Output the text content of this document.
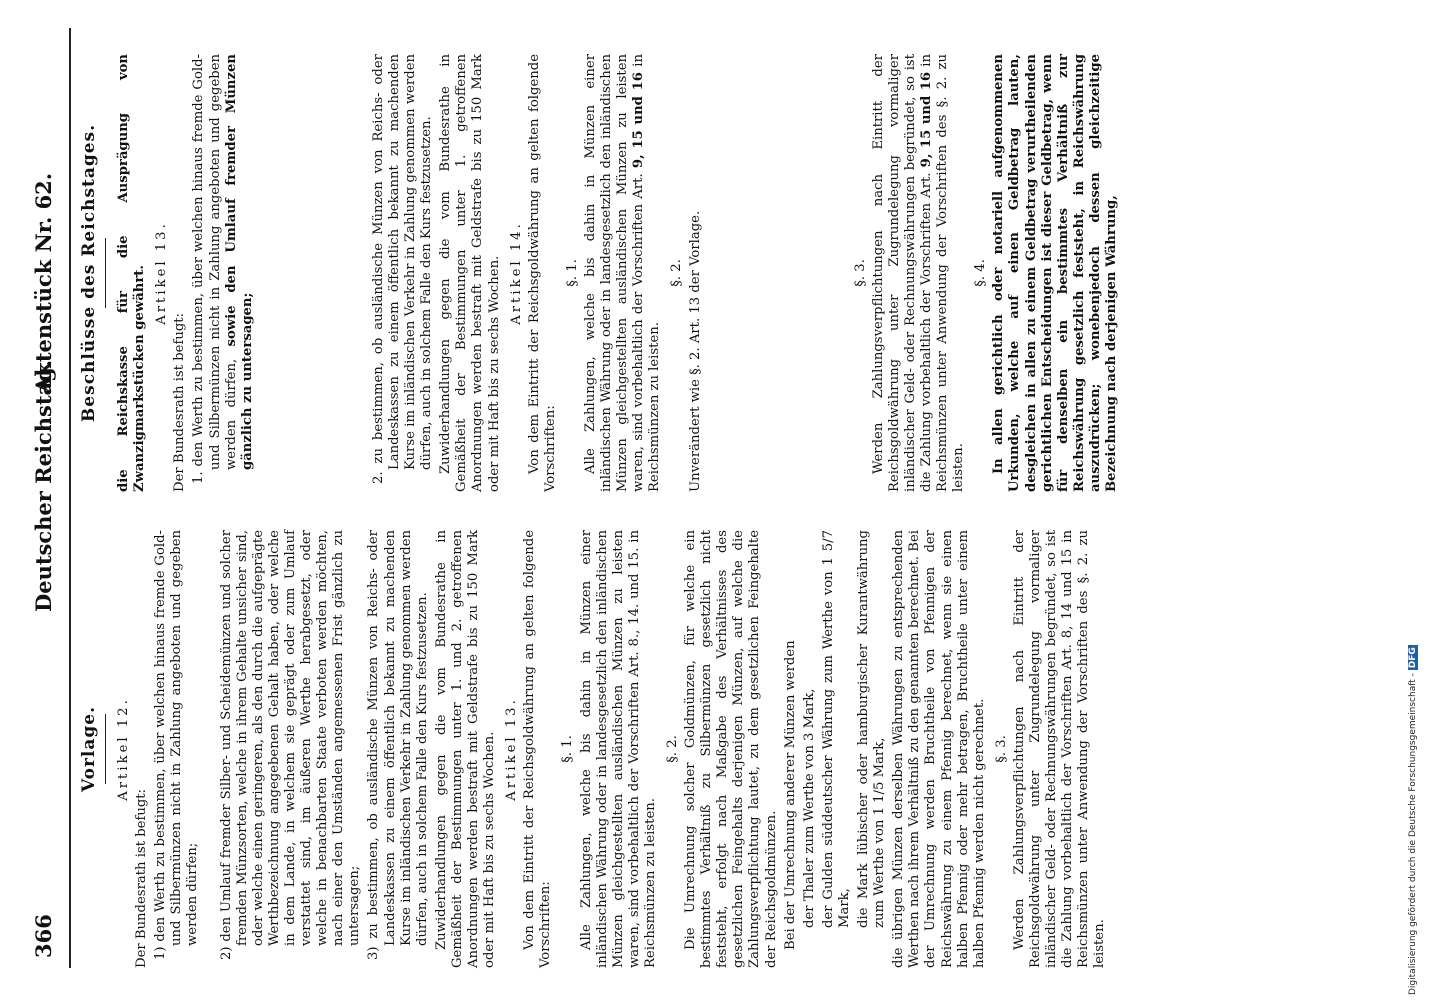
366
Deutscher Reichstag.
Aktenstück Nr. 62.
Vorlage. Artikel 12.

Der Bundesrath ist befugt: 1) den Werth zu bestimmen, über welchen hinaus fremde Gold- und Silbermünzen nicht in Zahlung angeboten und gegeben werden dürfen; 2) den Umlauf fremder Silber- und Scheidemünzen und solcher fremden Münzsorten, welche in ihrem Gehalte unsicher sind, oder welche einen geringeren, als den durch die aufgeprägte Werthbezeichnung angegebenen Gehalt haben, oder welche in dem Lande, in welchem sie geprägt oder zum Umlauf verstattet sind, im äußeren Werthe herabgesetzt, oder welche in benachbarten Staate verboten werden möchten, nach einer den Umständen angemessenen Frist gänzlich zu untersagen; 3) zu bestimmen, ob ausländische Münzen von Reichs- oder Landeskassen zu einem öffentlich bekannt zu machenden Kurse im inländischen Verkehr in Zahlung genommen werden dürfen, auch in solchem Falle den Kurs festzusetzen. Zuwiderhandlungen gegen die vom Bundesrathe in Gemäßheit der Bestimmungen unter 1. und 2. getroffenen Anordnungen werden bestraft mit Geldstrafe bis zu 150 Mark oder mit Haft bis zu sechs Wochen. Artikel 13. Von dem Eintritt der Reichsgoldwährung an gelten folgende Vorschriften:

§. 1. Alle Zahlungen, welche bis dahin in Münzen einer inländischen Währung oder in landesgesetzlich den inländischen Münzen gleichgestellten ausländischen Münzen zu leisten waren, sind vorbehaltlich der Vorschriften Art. 8., 14. und 15. in Reichsmünzen zu leisten.

§. 2. Die Umrechnung solcher Goldmünzen, für welche ein bestimmtes Verhältniß zu Silbermünzen gesetzlich nicht feststeht, erfolgt nach Maßgabe des Verhältnisses des gesetzlichen Feingehalts derjenigen Münzen, auf welche die Zahlungsverpflichtung lautet, zu dem gesetzlichen Feingehalte der Reichsgoldmünzen. Bei der Umrechnung anderer Münzen werden der Thaler zum Werthe von 3 Mark, der Gulden süddeutscher Währung zum Werthe von 1 5/7 Mark, die Mark lübischer oder hamburgischer Kurantwährung zum Werthe von 1 1/5 Mark, die übrigen Münzen derselben Währungen zu entsprechenden Werthen nach ihrem Verhältniß zu den genannten berechnet. Bei der Umrechnung werden Bruchtheile von Pfennigen der Reichswährung zu einem Pfennig berechnet, wenn sie einen halben Pfennig oder mehr betragen, Bruchtheile unter einem halben Pfennig werden nicht gerechnet. §. 3. Werden Zahlungsverpflichtungen nach Eintritt der Reichsgoldwährung unter Zugrundelegung vormaliger inländischer Geld- oder Rechnungswährungen begründet, so ist die Zahlung vorbehaltlich der Vorschriften Art. 8, 14 und 15 in Reichsmünzen unter Anwendung der Vorschriften des §. 2. zu leisten.

Beschlüsse des Reichstages. die Reichskasse für die Ausprägung von Zwanzigmarkstücken gewährt. Artikel 13.

Der Bundesrath ist befugt: 1. den Werth zu bestimmen, über welchen hinaus fremde Gold- und Silbermünzen nicht in Zahlung angeboten und gegeben werden dürfen, sowie den Umlauf fremder Münzen gänzlich zu untersagen;	2. zu bestimmen, ob ausländische Münzen von Reichs- oder Landeskassen zu einem öffentlich bekannt zu machenden Kurse im inländischen Verkehr in Zahlung genommen werden dürfen, auch in solchem Falle den Kurs festzusetzen. Zuwiderhandlungen gegen die vom Bundesrathe in Gemäßheit der Bestimmungen unter 1. getroffenen Anordnungen werden bestraft mit Geldstrafe bis zu 150 Mark oder mit Haft bis zu sechs Wochen. Artikel 14. Von dem Eintritt der Reichsgoldwährung an gelten folgende Vorschriften:

§. 1. Alle Zahlungen, welche bis dahin in Münzen einer inländischen Währung oder in landesgesetzlich den inländischen Münzen gleichgestellten ausländischen Münzen zu leisten waren, sind vorbehaltlich der Vorschriften Art. 9, 15 und 16 in Reichsmünzen zu leisten.

§. 2.

Unverändert wie §. 2. Art. 13 der Vorlage.	§. 3. Werden Zahlungsverpflichtungen nach Eintritt der Reichsgoldwährung unter Zugrundelegung vormaliger inländischer Geld- oder Rechnungswährungen begründet, so ist die Zahlung vorbehaltlich der Vorschriften Art. 9, 15 und 16 in Reichsmünzen unter Anwendung der Vorschriften des §. 2. zu leisten.

§. 4. In allen gerichtlich oder notariell aufgenommenen Urkunden, welche auf einen Geldbetrag lauten, desgleichen in allen zu einem Geldbetrag verurtheilenden gerichtlichen Entscheidungen ist dieser Geldbetrag, wenn für denselben ein bestimmtes Verhältniß zur Reichswährung gesetzlich feststeht, in Reichswährung auszudrücken; wonebenjedoch dessen gleichzeitige Bezeichnung nach derjenigen Währung,

Digitalisierung gefördert durch die Deutsche Forschungsgemeinschaft - DFG
